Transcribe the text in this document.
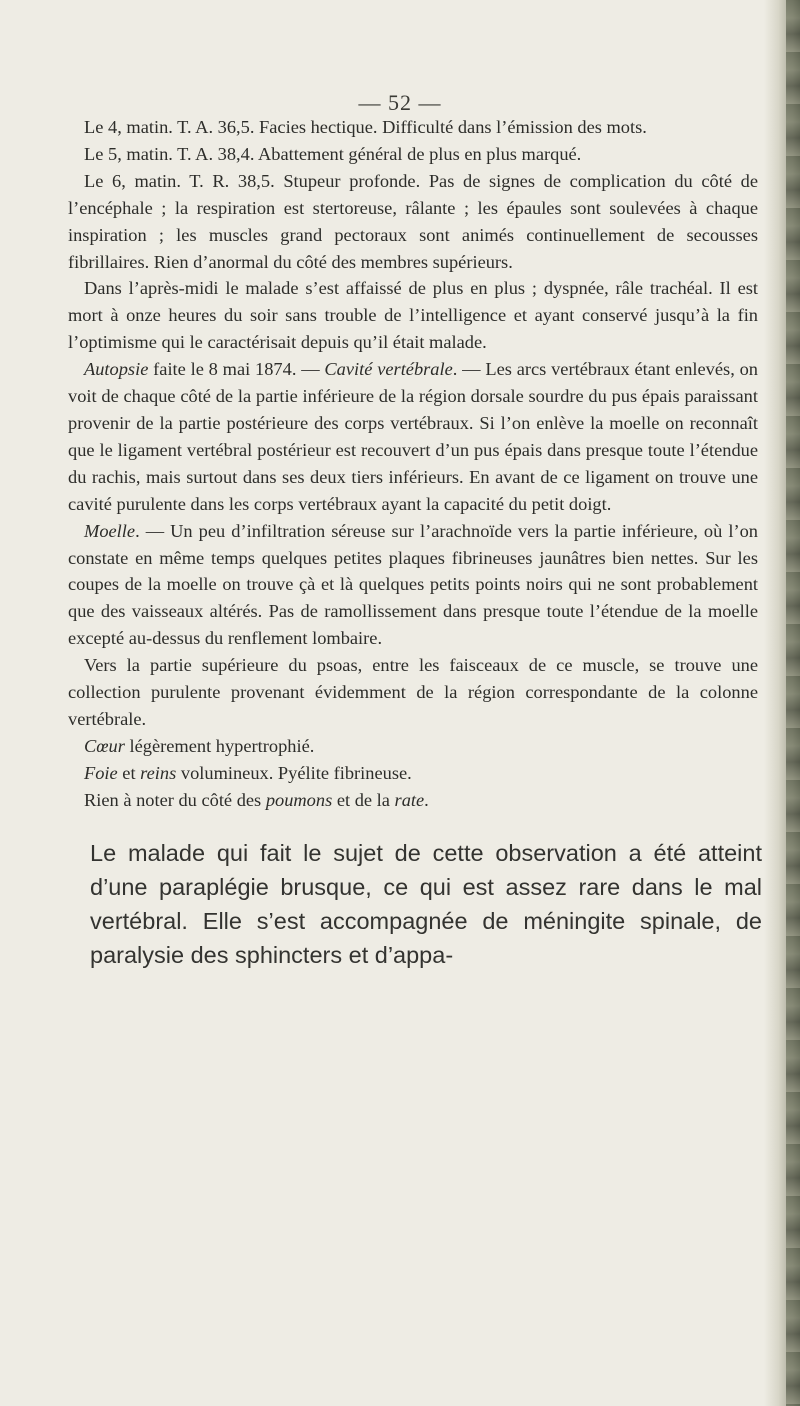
— 52 —

Le 4, matin. T. A. 36,5. Facies hectique. Difficulté dans l’émission des mots.

Le 5, matin. T. A. 38,4. Abattement général de plus en plus marqué.

Le 6, matin. T. R. 38,5. Stupeur profonde. Pas de signes de complication du côté de l’encéphale ; la respiration est stertoreuse, râlante ; les épaules sont soulevées à chaque inspiration ; les muscles grand pectoraux sont animés continuellement de secousses fibrillaires. Rien d’anormal du côté des membres supérieurs.

Dans l’après-midi le malade s’est affaissé de plus en plus ; dyspnée, râle trachéal. Il est mort à onze heures du soir sans trouble de l’intelligence et ayant conservé jusqu’à la fin l’optimisme qui le caractérisait depuis qu’il était malade.

Autopsie faite le 8 mai 1874. — Cavité vertébrale. — Les arcs vertébraux étant enlevés, on voit de chaque côté de la partie inférieure de la région dorsale sourdre du pus épais paraissant provenir de la partie postérieure des corps vertébraux. Si l’on enlève la moelle on reconnaît que le ligament vertébral postérieur est recouvert d’un pus épais dans presque toute l’étendue du rachis, mais surtout dans ses deux tiers inférieurs. En avant de ce ligament on trouve une cavité purulente dans les corps vertébraux ayant la capacité du petit doigt.

Moelle. — Un peu d’infiltration séreuse sur l’arachnoïde vers la partie inférieure, où l’on constate en même temps quelques petites plaques fibrineuses jaunâtres bien nettes. Sur les coupes de la moelle on trouve çà et là quelques petits points noirs qui ne sont probablement que des vaisseaux altérés. Pas de ramollissement dans presque toute l’étendue de la moelle excepté au-dessus du renflement lombaire.

Vers la partie supérieure du psoas, entre les faisceaux de ce muscle, se trouve une collection purulente provenant évidemment de la région correspondante de la colonne vertébrale.

Cœur légèrement hypertrophié.

Foie et reins volumineux. Pyélite fibrineuse.

Rien à noter du côté des poumons et de la rate.

Le malade qui fait le sujet de cette observation a été atteint d’une paraplégie brusque, ce qui est assez rare dans le mal vertébral. Elle s’est accompagnée de méningite spinale, de paralysie des sphincters et d’appa-
